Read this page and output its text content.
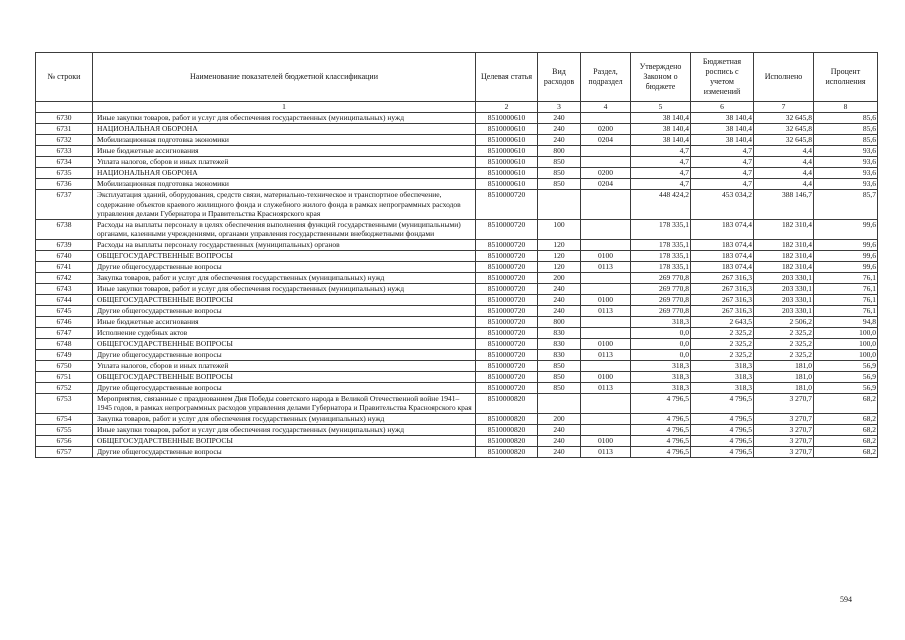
№ строки	Наименование показателей бюджетной классификации	Целевая статья	Вид расходов	Раздел, подраздел	Утверждено Законом о бюджете	Бюджетная роспись с учетом изменений	Исполнено	Процент исполнения
	1	2	3	4	5	6	7	8
6730	Иные закупки товаров, работ и услуг для обеспечения государственных (муниципальных) нужд	8510000610	240		38 140,4	38 140,4	32 645,8	85,6
6731	НАЦИОНАЛЬНАЯ ОБОРОНА	8510000610	240	0200	38 140,4	38 140,4	32 645,8	85,6
6732	Мобилизационная подготовка экономики	8510000610	240	0204	38 140,4	38 140,4	32 645,8	85,6
6733	Иные бюджетные ассигнования	8510000610	800		4,7	4,7	4,4	93,6
6734	Уплата налогов, сборов и иных платежей	8510000610	850		4,7	4,7	4,4	93,6
6735	НАЦИОНАЛЬНАЯ ОБОРОНА	8510000610	850	0200	4,7	4,7	4,4	93,6
6736	Мобилизационная подготовка экономики	8510000610	850	0204	4,7	4,7	4,4	93,6
6737	Эксплуатация зданий, оборудования, средств связи, материально-техническое и транспортное обеспечение, содержание объектов краевого жилищного фонда и служебного жилого фонда в рамках непрограммных расходов управления делами Губернатора и Правительства Красноярского края	8510000720			448 424,2	453 034,2	388 146,7	85,7
6738	Расходы на выплаты персоналу в целях обеспечения выполнения функций государственными (муниципальными) органами, казенными учреждениями, органами управления государственными внебюджетными фондами	8510000720	100		178 335,1	183 074,4	182 310,4	99,6
6739	Расходы на выплаты персоналу государственных (муниципальных) органов	8510000720	120		178 335,1	183 074,4	182 310,4	99,6
6740	ОБЩЕГОСУДАРСТВЕННЫЕ ВОПРОСЫ	8510000720	120	0100	178 335,1	183 074,4	182 310,4	99,6
6741	Другие общегосударственные вопросы	8510000720	120	0113	178 335,1	183 074,4	182 310,4	99,6
6742	Закупка товаров, работ и услуг для обеспечения государственных (муниципальных) нужд	8510000720	200		269 770,8	267 316,3	203 330,1	76,1
6743	Иные закупки товаров, работ и услуг для обеспечения государственных (муниципальных) нужд	8510000720	240		269 770,8	267 316,3	203 330,1	76,1
6744	ОБЩЕГОСУДАРСТВЕННЫЕ ВОПРОСЫ	8510000720	240	0100	269 770,8	267 316,3	203 330,1	76,1
6745	Другие общегосударственные вопросы	8510000720	240	0113	269 770,8	267 316,3	203 330,1	76,1
6746	Иные бюджетные ассигнования	8510000720	800		318,3	2 643,5	2 506,2	94,8
6747	Исполнение судебных актов	8510000720	830		0,0	2 325,2	2 325,2	100,0
6748	ОБЩЕГОСУДАРСТВЕННЫЕ ВОПРОСЫ	8510000720	830	0100	0,0	2 325,2	2 325,2	100,0
6749	Другие общегосударственные вопросы	8510000720	830	0113	0,0	2 325,2	2 325,2	100,0
6750	Уплата налогов, сборов и иных платежей	8510000720	850		318,3	318,3	181,0	56,9
6751	ОБЩЕГОСУДАРСТВЕННЫЕ ВОПРОСЫ	8510000720	850	0100	318,3	318,3	181,0	56,9
6752	Другие общегосударственные вопросы	8510000720	850	0113	318,3	318,3	181,0	56,9
6753	Мероприятия, связанные с празднованием Дня Победы советского народа в Великой Отечественной войне 1941–1945 годов, в рамках непрограммных расходов управления делами Губернатора и Правительства Красноярского края	8510000820			4 796,5	4 796,5	3 270,7	68,2
6754	Закупка товаров, работ и услуг для обеспечения государственных (муниципальных) нужд	8510000820	200		4 796,5	4 796,5	3 270,7	68,2
6755	Иные закупки товаров, работ и услуг для обеспечения государственных (муниципальных) нужд	8510000820	240		4 796,5	4 796,5	3 270,7	68,2
6756	ОБЩЕГОСУДАРСТВЕННЫЕ ВОПРОСЫ	8510000820	240	0100	4 796,5	4 796,5	3 270,7	68,2
6757	Другие общегосударственные вопросы	8510000820	240	0113	4 796,5	4 796,5	3 270,7	68,2
594
